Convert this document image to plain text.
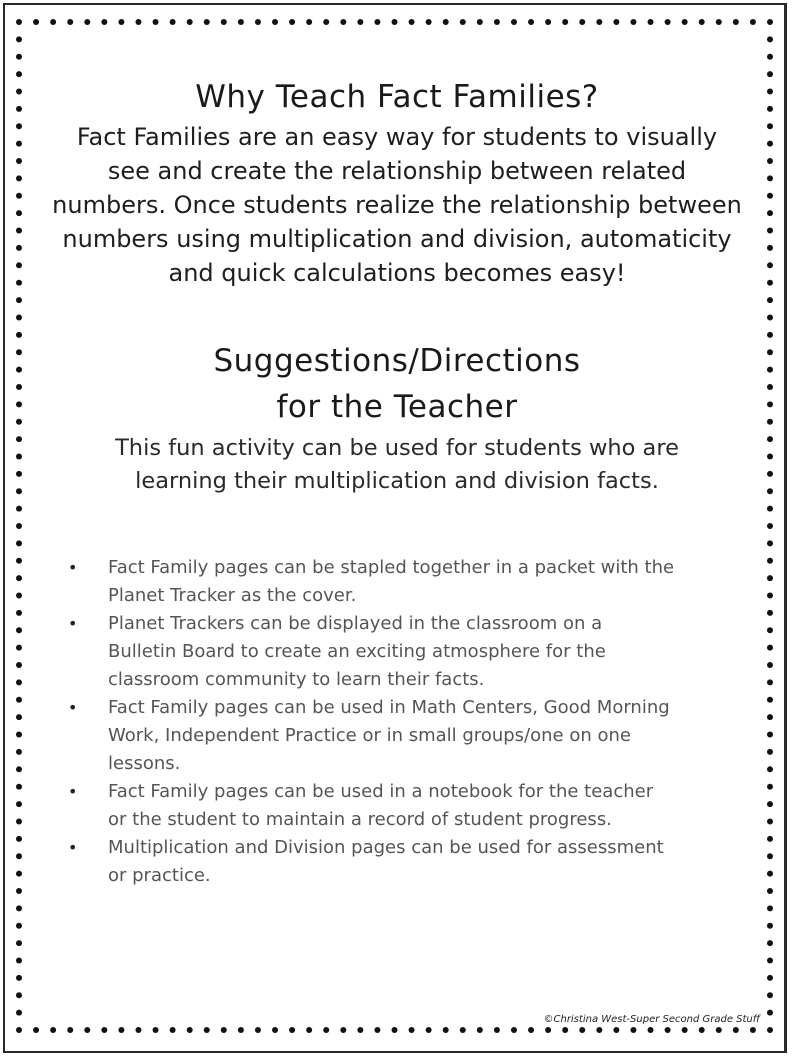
Why Teach Fact Families?
Fact Families are an easy way for students to visually
see and create the relationship between related
numbers. Once students realize the relationship between
numbers using multiplication and division, automaticity
and quick calculations becomes easy!
Suggestions/Directions
for the Teacher
This fun activity can be used for students who are
learning their multiplication and division facts.
• Fact Family pages can be stapled together in a packet with the
Planet Tracker as the cover.
• Planet Trackers can be displayed in the classroom on a
Bulletin Board to create an exciting atmosphere for the
classroom community to learn their facts.
• Fact Family pages can be used in Math Centers, Good Morning
Work, Independent Practice or in small groups/one on one
lessons.
• Fact Family pages can be used in a notebook for the teacher
or the student to maintain a record of student progress.
• Multiplication and Division pages can be used for assessment
or practice.
©Christina West-Super Second Grade Stuff
